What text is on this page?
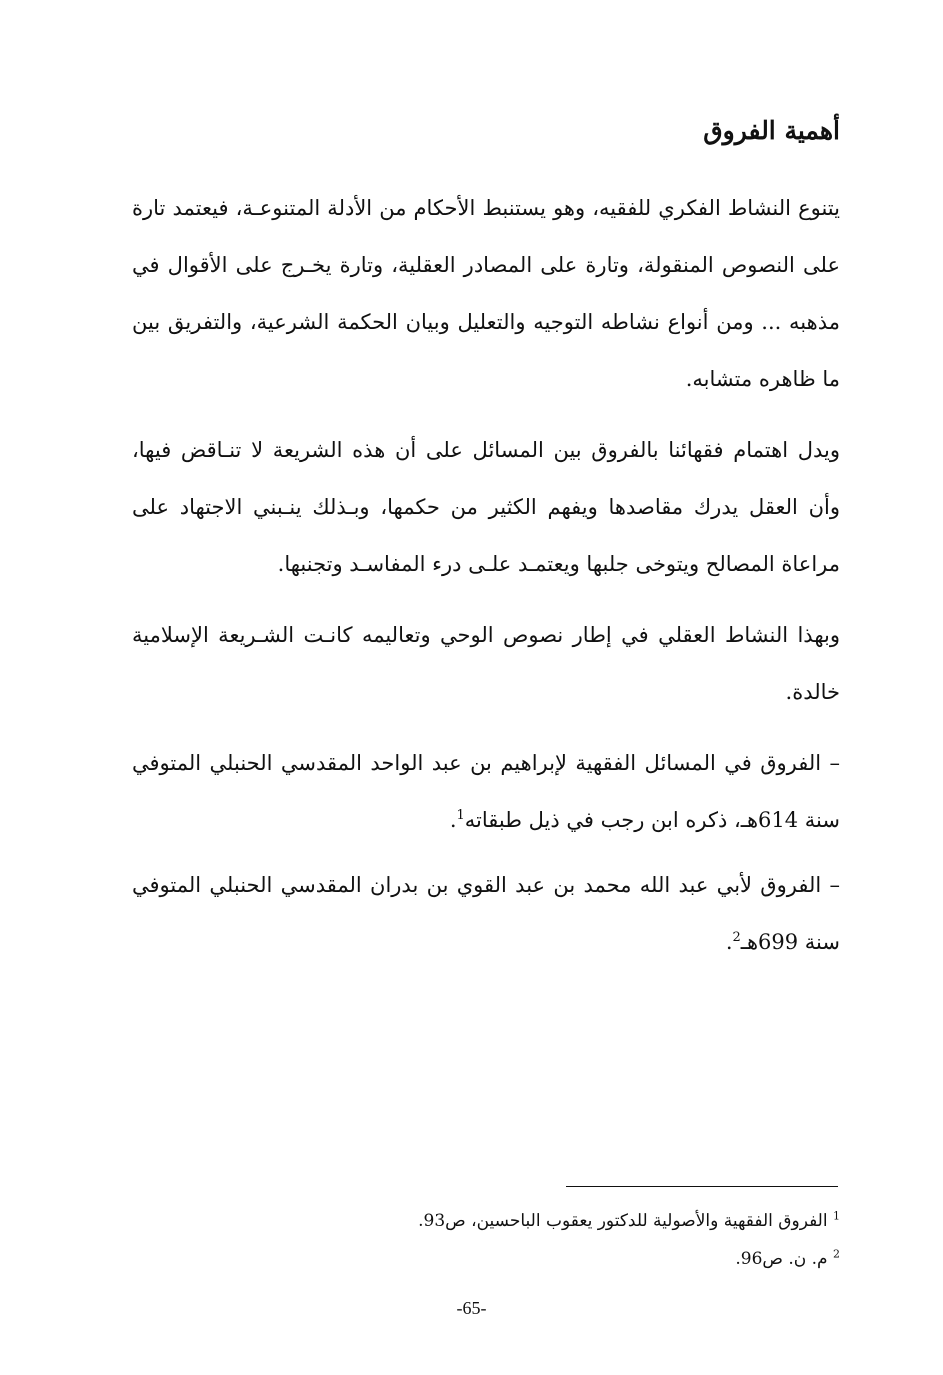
أهمية الفروق

يتنوع النشاط الفكري للفقيه، وهو يستنبط الأحكام من الأدلة المتنوعـة، فيعتمد تارة على النصوص المنقولة، وتارة على المصادر العقلية، وتارة يخـرج على الأقوال في مذهبه ... ومن أنواع نشاطه التوجيه والتعليل وبيان الحكمة الشرعية، والتفريق بين ما ظاهره متشابه.

ويدل اهتمام فقهائنا بالفروق بين المسائل على أن هذه الشريعة لا تنـاقض فيها، وأن العقل يدرك مقاصدها ويفهم الكثير من حكمها، وبـذلك ينـبني الاجتهاد على مراعاة المصالح ويتوخى جلبها ويعتمـد علـى درء المفاسـد وتجنبها.

وبهذا النشاط العقلي في إطار نصوص الوحي وتعاليمه كانـت الشـريعة الإسلامية خالدة.

– الفروق في المسائل الفقهية لإبراهيم بن عبد الواحد المقدسي الحنبلي المتوفي سنة 614هـ، ذكره ابن رجب في ذيل طبقاته$^1$.

– الفروق لأبي عبد الله محمد بن عبد القوي بن بدران المقدسي الحنبلي المتوفي سنة 699هـ$^2$.

$^1$ الفروق الفقهية والأصولية للدكتور يعقوب الباحسين، ص93.
$^2$ م. ن. ص96.
-65-
